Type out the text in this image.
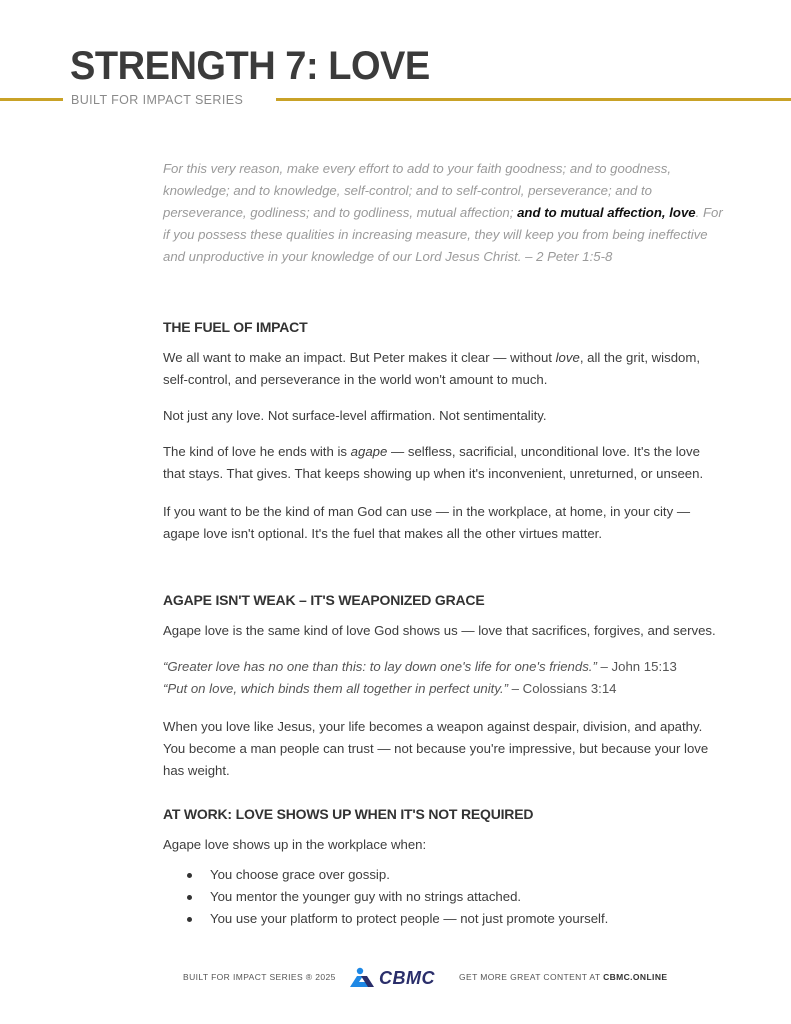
STRENGTH 7: LOVE
BUILT FOR IMPACT SERIES

For this very reason, make every effort to add to your faith goodness; and to goodness, knowledge; and to knowledge, self-control; and to self-control, perseverance; and to perseverance, godliness; and to godliness, mutual affection; and to mutual affection, love. For if you possess these qualities in increasing measure, they will keep you from being ineffective and unproductive in your knowledge of our Lord Jesus Christ. – 2 Peter 1:5-8

THE FUEL OF IMPACT

We all want to make an impact. But Peter makes it clear — without love, all the grit, wisdom, self-control, and perseverance in the world won't amount to much.

Not just any love. Not surface-level affirmation. Not sentimentality.

The kind of love he ends with is agape — selfless, sacrificial, unconditional love. It's the love that stays. That gives. That keeps showing up when it's inconvenient, unreturned, or unseen.

If you want to be the kind of man God can use — in the workplace, at home, in your city — agape love isn't optional. It's the fuel that makes all the other virtues matter.

AGAPE ISN'T WEAK – IT'S WEAPONIZED GRACE

Agape love is the same kind of love God shows us — love that sacrifices, forgives, and serves.

“Greater love has no one than this: to lay down one's life for one's friends.” – John 15:13

“Put on love, which binds them all together in perfect unity.” – Colossians 3:14

When you love like Jesus, your life becomes a weapon against despair, division, and apathy. You become a man people can trust — not because you're impressive, but because your love has weight.

AT WORK: LOVE SHOWS UP WHEN IT'S NOT REQUIRED

Agape love shows up in the workplace when:

You choose grace over gossip.
You mentor the younger guy with no strings attached.
You use your platform to protect people — not just promote yourself.
BUILT FOR IMPACT SERIES ® 2025 CBMC	GET MORE GREAT CONTENT AT CBMC.ONLINE
